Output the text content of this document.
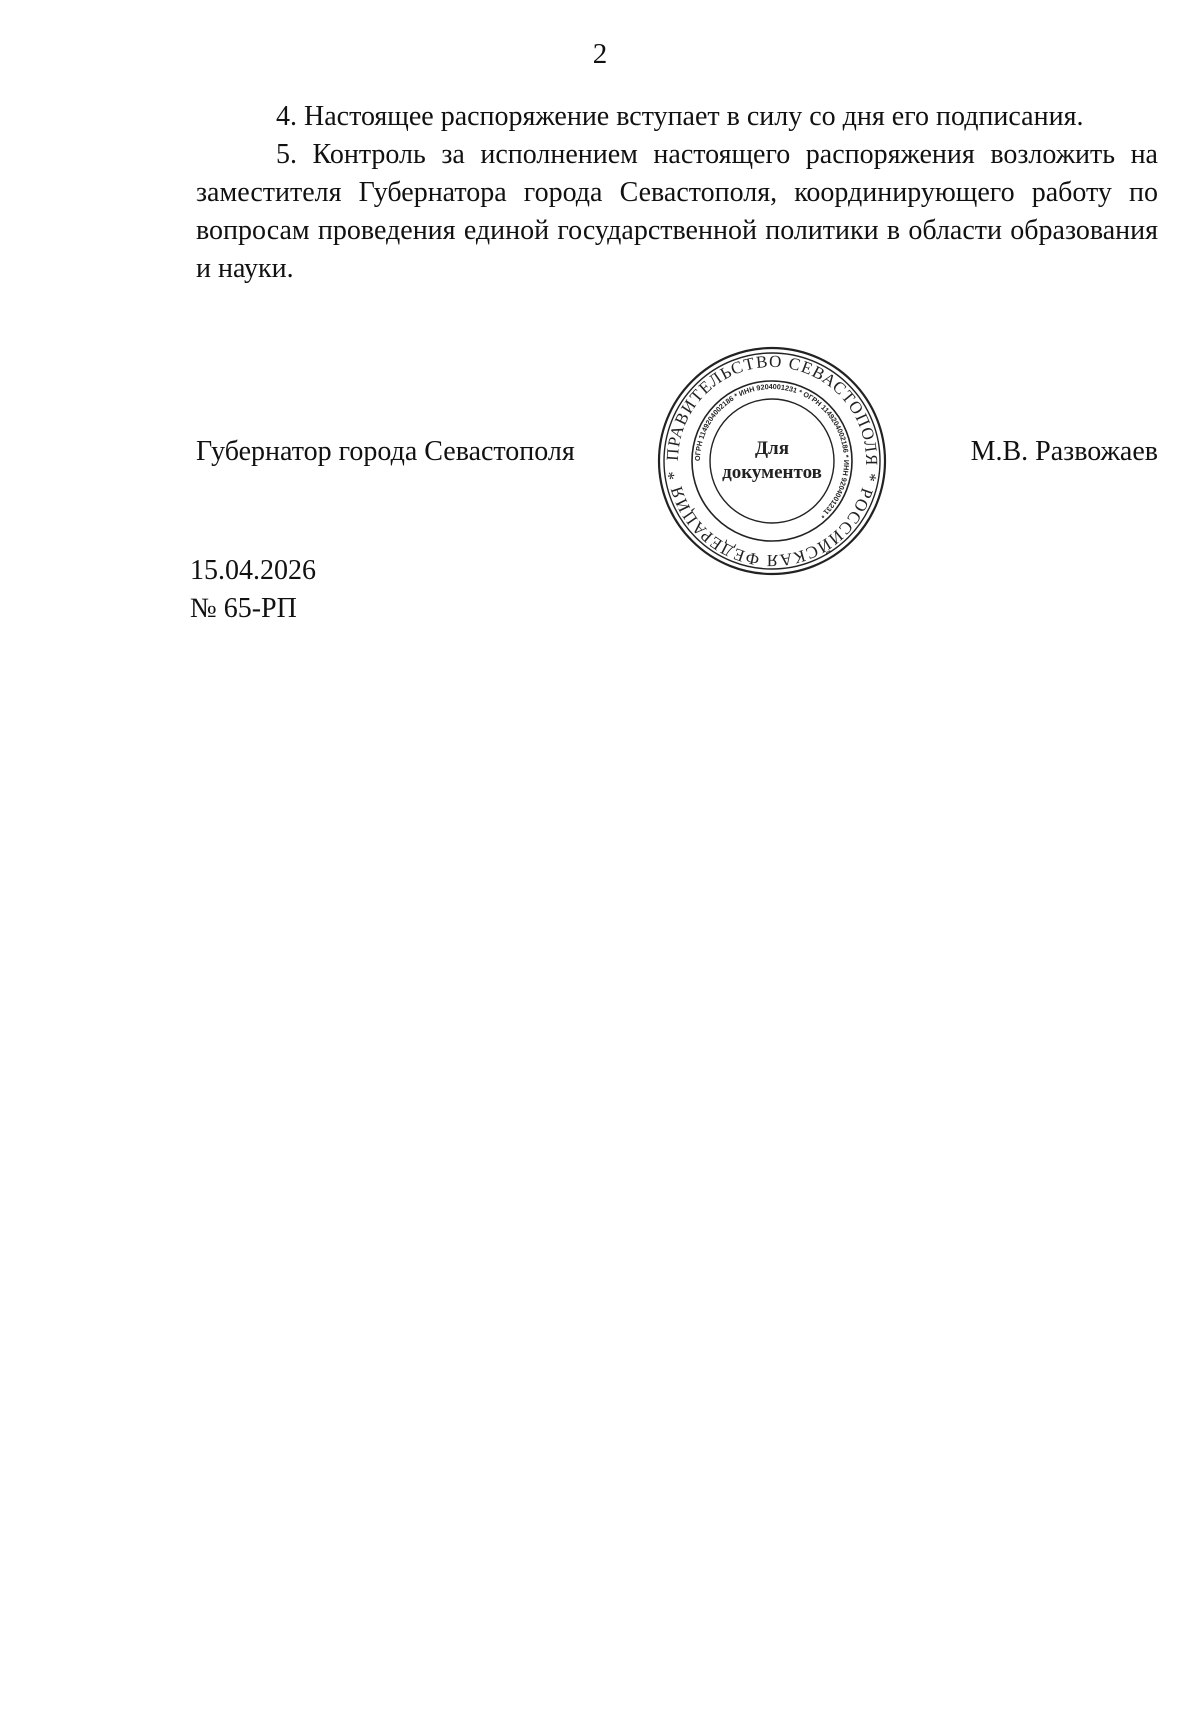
2

4. Настоящее распоряжение вступает в силу со дня его подписания.

5. Контроль за исполнением настоящего распоряжения возложить на заместителя Губернатора города Севастополя, координирующего работу по вопросам проведения единой государственной политики в области образования и науки.

Губернатор города Севастополя	М.В. Развожаев
ПРАВИТЕЛЬСТВО СЕВАСТОПОЛЯ * РОССИЙСКАЯ ФЕДЕРАЦИЯ *
ОГРН 1149204002186 * ИНН 9204001231 * ОГРН 1149204002186 * ИНН 9204001231 *
Для
документов
15.04.2026
№ 65-РП
